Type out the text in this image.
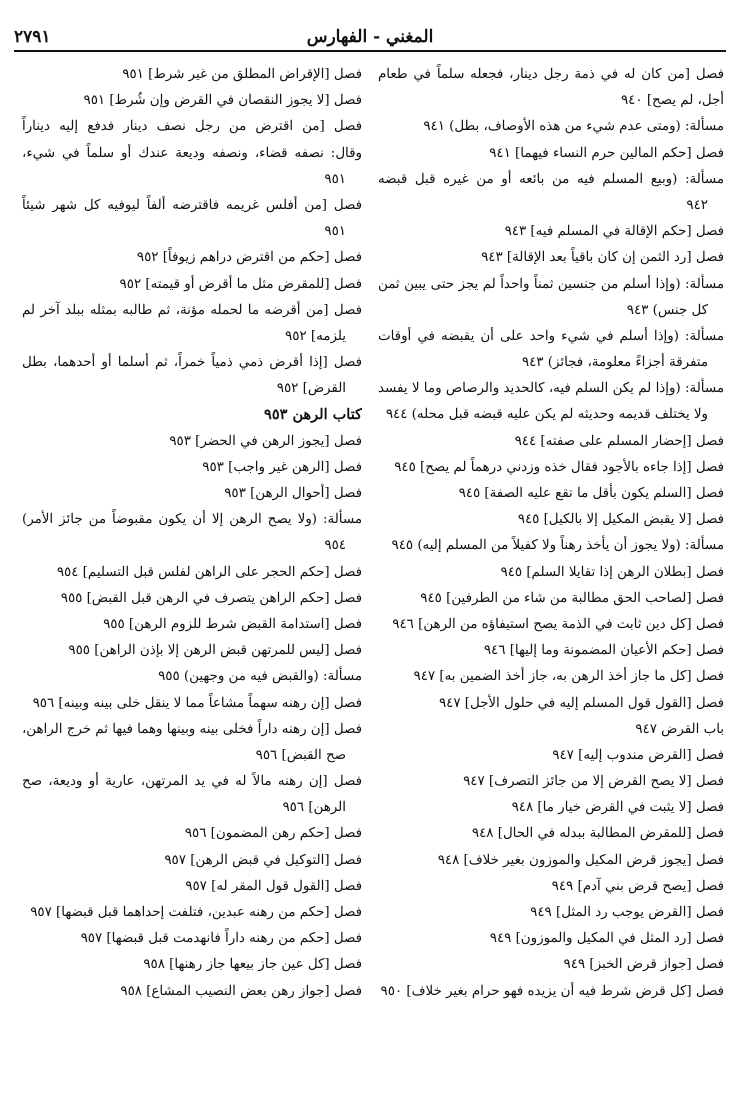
المغني - الفهارس
٢٧٩١
فصل [من كان له في ذمة رجل دينار، فجعله سلماً في طعام
أجل، لم يصح] ٩٤٠
مسألة: (ومتى عدم شيء من هذه الأوصاف، بطل) ٩٤١
فصل [حكم المالين حرم النساء فيهما] ٩٤١
مسألة: (وبيع المسلم فيه من بائعه أو من غيره قبل قبضه
٩٤٢
فصل [حكم الإقالة في المسلم فيه] ٩٤٣
فصل [رد الثمن إن كان باقياً بعد الإقالة] ٩٤٣
مسألة: (وإذا أسلم من جنسين ثمناً واحداً لم يجز حتى يبين ثمن
كل جنس) ٩٤٣
مسألة: (وإذا أسلم في شيء واحد على أن يقبضه في أوقات
متفرقة أجزاءً معلومة، فجائز) ٩٤٣
مسألة: (وإذا لم يكن السلم فيه، كالحديد والرصاص وما لا يفسد
ولا يختلف قديمه وحديثه لم يكن عليه قبضه قبل محله) ٩٤٤
فصل [إحضار المسلم على صفته] ٩٤٤
فصل [إذا جاءه بالأجود فقال خذه وزدني درهماً لم يصح] ٩٤٥
فصل [السلم يكون بأقل ما تقع عليه الصفة] ٩٤٥
فصل [لا يقبض المكيل إلا بالكيل] ٩٤٥
مسألة: (ولا يجوز أن يأخذ رهناً ولا كفيلاً من المسلم إليه) ٩٤٥
فصل [بطلان الرهن إذا تقايلا السلم] ٩٤٥
فصل [لصاحب الحق مطالبة من شاء من الطرفين] ٩٤٥
فصل [كل دين ثابت في الذمة يصح استيفاؤه من الرهن] ٩٤٦
فصل [حكم الأعيان المضمونة وما إليها] ٩٤٦
فصل [كل ما جاز أخذ الرهن به، جاز أخذ الضمين به] ٩٤٧
فصل [القول قول المسلم إليه في حلول الأجل] ٩٤٧
باب القرض ٩٤٧
فصل [القرض مندوب إليه] ٩٤٧
فصل [لا يصح القرض إلا من جائز التصرف] ٩٤٧
فصل [لا يثبت في القرض خيار ما] ٩٤٨
فصل [للمقرض المطالبة ببدله في الحال] ٩٤٨
فصل [يجوز قرض المكيل والموزون بغير خلاف] ٩٤٨
فصل [يصح قرض بني آدم] ٩٤٩
فصل [القرض يوجب رد المثل] ٩٤٩
فصل [رد المثل في المكيل والموزون] ٩٤٩
فصل [جواز قرض الخبز] ٩٤٩
فصل [كل قرض شرط فيه أن يزيده فهو حرام بغير خلاف] ٩٥٠
فصل [الإقراض المطلق من غير شرط] ٩٥١
فصل [لا يجوز النقصان في القرض وإن شُرط] ٩٥١
فصل [من اقترض من رجل نصف دينار فدفع إليه ديناراً
وقال: نصفه قضاء، ونصفه وديعة عندك أو سلماً في شيء،
٩٥١
فصل [من أفلس غريمه فاقترضه ألفاً ليوفيه كل شهر شيئاً
٩٥١
فصل [حكم من اقترض دراهم زيوفاً] ٩٥٢
فصل [للمقرض مثل ما أقرض أو قيمته] ٩٥٢
فصل [من أقرضه ما لحمله مؤنة، ثم طالبه بمثله ببلد آخر لم
يلزمه] ٩٥٢
فصل [إذا أقرض ذمي ذمياً خمراً، ثم أسلما أو أحدهما، بطل
القرض] ٩٥٢
كتاب الرهن ٩٥٣
فصل [يجوز الرهن في الحضر] ٩٥٣
فصل [الرهن غير واجب] ٩٥٣
فصل [أحوال الرهن] ٩٥٣
مسألة: (ولا يصح الرهن إلا أن يكون مقبوضاً من جائز الأمر)
٩٥٤
فصل [حكم الحجر على الراهن لفلس قبل التسليم] ٩٥٤
فصل [حكم الراهن يتصرف في الرهن قبل القبض] ٩٥٥
فصل [استدامة القبض شرط للزوم الرهن] ٩٥٥
فصل [ليس للمرتهن قبض الرهن إلا بإذن الراهن] ٩٥٥
مسألة: (والقبض فيه من وجهين) ٩٥٥
فصل [إن رهنه سهماً مشاعاً مما لا ينقل خلى بينه وبينه] ٩٥٦
فصل [إن رهنه داراً فخلى بينه وبينها وهما فيها ثم خرج الراهن،
صح القبض] ٩٥٦
فصل [إن رهنه مالاً له في يد المرتهن، عارية أو وديعة، صح
الرهن] ٩٥٦
فصل [حكم رهن المضمون] ٩٥٦
فصل [التوكيل في قبض الرهن] ٩٥٧
فصل [القول قول المقر له] ٩٥٧
فصل [حكم من رهنه عبدين، فتلفت إحداهما قبل قبضها] ٩٥٧
فصل [حكم من رهنه داراً فانهدمت قبل قبضها] ٩٥٧
فصل [كل عين جاز بيعها جاز رهنها] ٩٥٨
فصل [جواز رهن بعض النصيب المشاع] ٩٥٨
